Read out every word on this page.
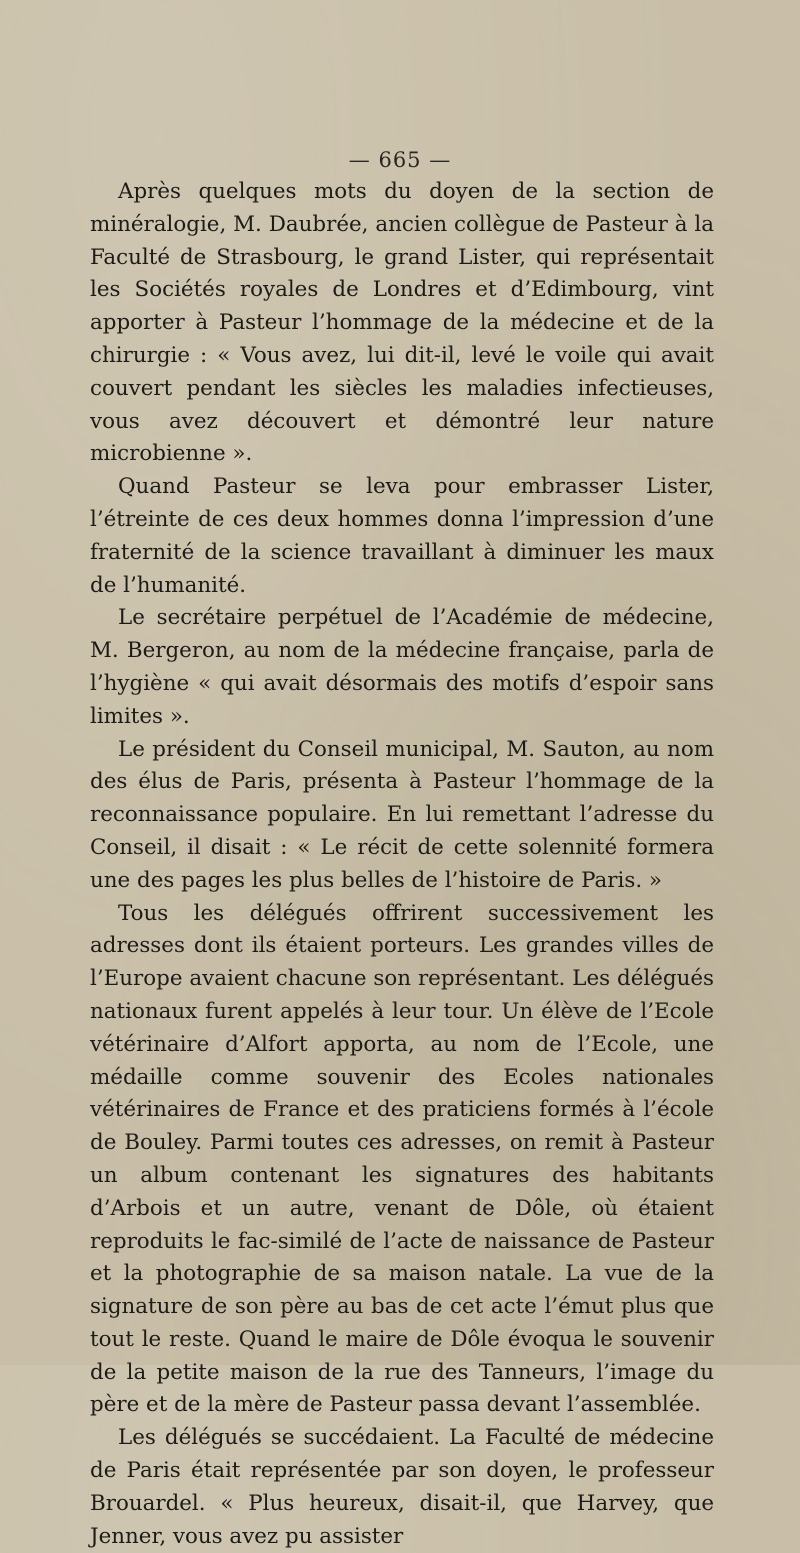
— 665 —

Après quelques mots du doyen de la section de minéralogie, M. Daubrée, ancien collègue de Pasteur à la Faculté de Strasbourg, le grand Lister, qui représentait les Sociétés royales de Londres et d’Edimbourg, vint apporter à Pasteur l’hommage de la médecine et de la chirurgie : « Vous avez, lui dit-il, levé le voile qui avait couvert pendant les siècles les maladies infectieuses, vous avez découvert et démontré leur nature microbienne ».

Quand Pasteur se leva pour embrasser Lister, l’étreinte de ces deux hommes donna l’impression d’une fraternité de la science travaillant à diminuer les maux de l’humanité.

Le secrétaire perpétuel de l’Académie de médecine, M. Bergeron, au nom de la médecine française, parla de l’hygiène « qui avait désormais des motifs d’espoir sans limites ».

Le président du Conseil municipal, M. Sauton, au nom des élus de Paris, présenta à Pasteur l’hommage de la reconnaissance populaire. En lui remettant l’adresse du Conseil, il disait : « Le récit de cette solennité formera une des pages les plus belles de l’histoire de Paris. »

Tous les délégués offrirent successivement les adresses dont ils étaient porteurs. Les grandes villes de l’Europe avaient chacune son représentant. Les délégués nationaux furent appelés à leur tour. Un élève de l’Ecole vétérinaire d’Alfort apporta, au nom de l’Ecole, une médaille comme souvenir des Ecoles nationales vétérinaires de France et des praticiens formés à l’école de Bouley. Parmi toutes ces adresses, on remit à Pasteur un album contenant les signatures des habitants d’Arbois et un autre, venant de Dôle, où étaient reproduits le fac-similé de l’acte de naissance de Pasteur et la photographie de sa maison natale. La vue de la signature de son père au bas de cet acte l’émut plus que tout le reste. Quand le maire de Dôle évoqua le souvenir de la petite maison de la rue des Tanneurs, l’image du père et de la mère de Pasteur passa devant l’assemblée.

Les délégués se succédaient. La Faculté de médecine de Paris était représentée par son doyen, le professeur Brouardel. « Plus heureux, disait-il, que Harvey, que Jenner, vous avez pu assister
